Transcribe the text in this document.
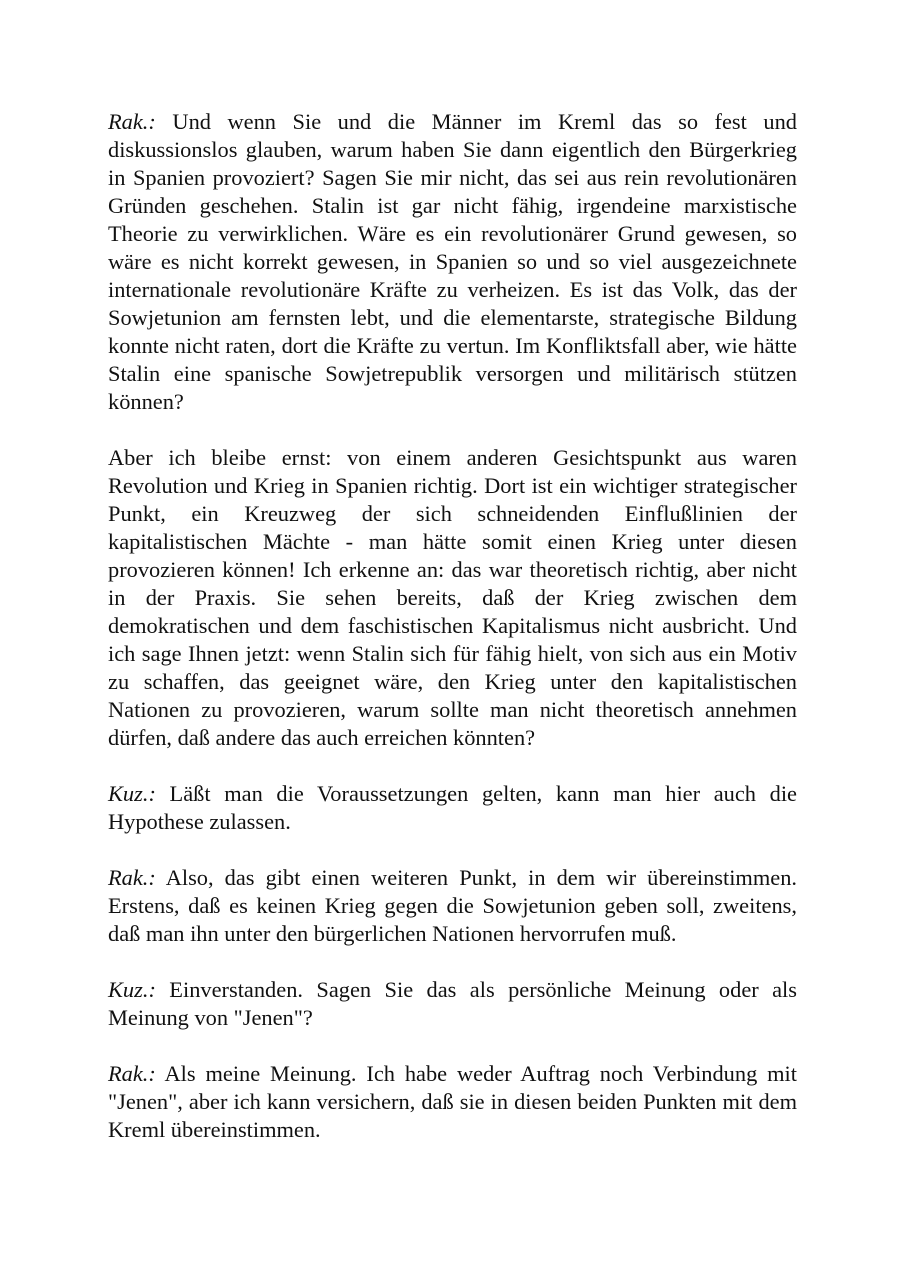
Rak.: Und wenn Sie und die Männer im Kreml das so fest und diskussionslos glauben, warum haben Sie dann eigentlich den Bürgerkrieg in Spanien provoziert? Sagen Sie mir nicht, das sei aus rein revolutionären Gründen geschehen. Stalin ist gar nicht fähig, irgendeine marxistische Theorie zu verwirklichen. Wäre es ein revolutionärer Grund gewesen, so wäre es nicht korrekt gewesen, in Spanien so und so viel ausgezeichnete internationale revolutionäre Kräfte zu verheizen. Es ist das Volk, das der Sowjetunion am fernsten lebt, und die elementarste, strategische Bildung konnte nicht raten, dort die Kräfte zu vertun. Im Konfliktsfall aber, wie hätte Stalin eine spanische Sowjetrepublik versorgen und militärisch stützen können?

Aber ich bleibe ernst: von einem anderen Gesichtspunkt aus waren Revolution und Krieg in Spanien richtig. Dort ist ein wichtiger strategischer Punkt, ein Kreuzweg der sich schneidenden Einflußlinien der kapitalistischen Mächte - man hätte somit einen Krieg unter diesen provozieren können! Ich erkenne an: das war theoretisch richtig, aber nicht in der Praxis. Sie sehen bereits, daß der Krieg zwischen dem demokratischen und dem faschistischen Kapitalismus nicht ausbricht. Und ich sage Ihnen jetzt: wenn Stalin sich für fähig hielt, von sich aus ein Motiv zu schaffen, das geeignet wäre, den Krieg unter den kapitalistischen Nationen zu provozieren, warum sollte man nicht theoretisch annehmen dürfen, daß andere das auch erreichen könnten?

Kuz.: Läßt man die Voraussetzungen gelten, kann man hier auch die Hypothese zulassen.

Rak.: Also, das gibt einen weiteren Punkt, in dem wir übereinstimmen. Erstens, daß es keinen Krieg gegen die Sowjetunion geben soll, zweitens, daß man ihn unter den bürgerlichen Nationen hervorrufen muß.

Kuz.: Einverstanden. Sagen Sie das als persönliche Meinung oder als Meinung von "Jenen"?

Rak.: Als meine Meinung. Ich habe weder Auftrag noch Verbindung mit "Jenen", aber ich kann versichern, daß sie in diesen beiden Punkten mit dem Kreml übereinstimmen.
